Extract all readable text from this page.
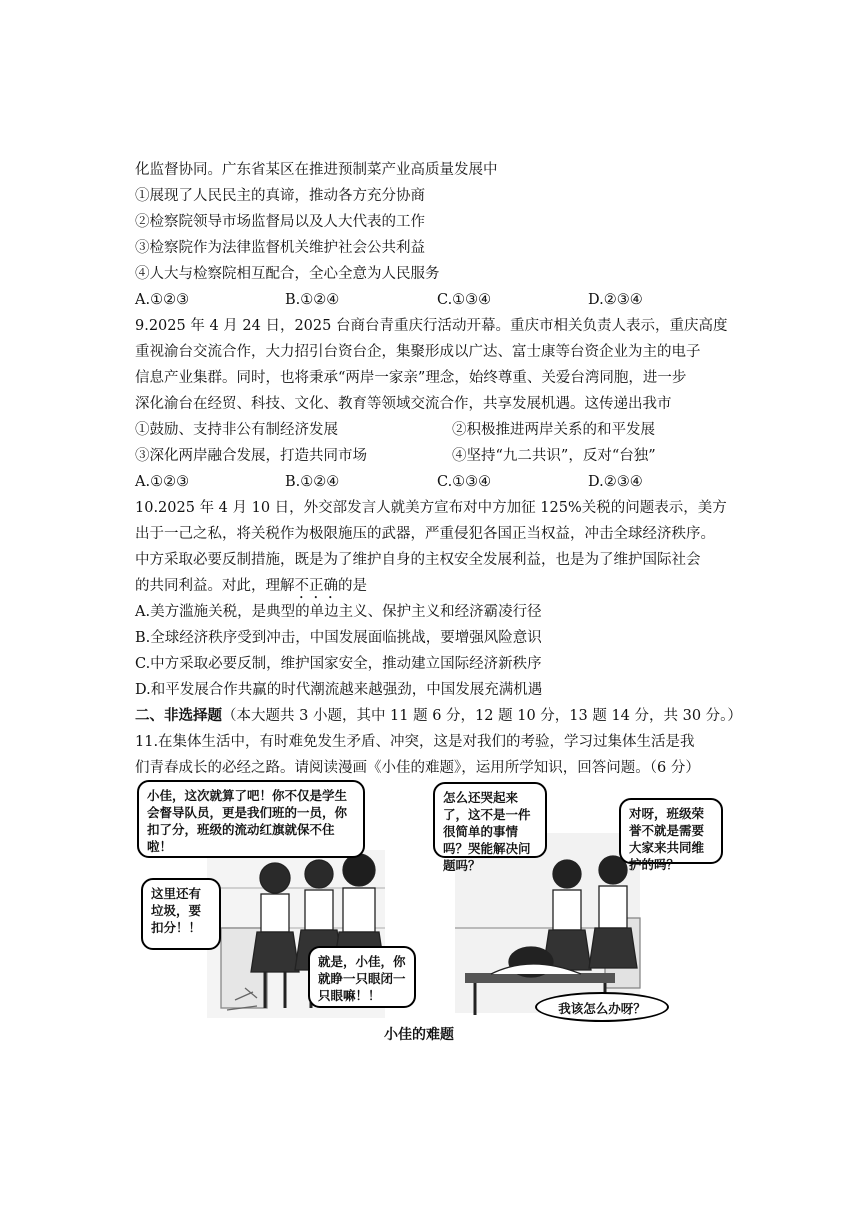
化监督协同。广东省某区在推进预制菜产业高质量发展中
①展现了人民民主的真谛，推动各方充分协商
②检察院领导市场监督局以及人大代表的工作
③检察院作为法律监督机关维护社会公共利益
④人大与检察院相互配合，全心全意为人民服务
A.①②③	B.①②④	C.①③④	D.②③④
9.2025 年 4 月 24 日，2025 台商台青重庆行活动开幕。重庆市相关负责人表示，重庆高度
重视渝台交流合作，大力招引台资台企，集聚形成以广达、富士康等台资企业为主的电子
信息产业集群。同时，也将秉承“两岸一家亲”理念，始终尊重、关爱台湾同胞，进一步
深化渝台在经贸、科技、文化、教育等领域交流合作，共享发展机遇。这传递出我市
①鼓励、支持非公有制经济发展	②积极推进两岸关系的和平发展
③深化两岸融合发展，打造共同市场	④坚持“九二共识”，反对“台独”
A.①②③	B.①②④	C.①③④	D.②③④
10.2025 年 4 月 10 日，外交部发言人就美方宣布对中方加征 125%关税的问题表示，美方
出于一己之私，将关税作为极限施压的武器，严重侵犯各国正当权益，冲击全球经济秩序。
中方采取必要反制措施，既是为了维护自身的主权安全发展利益，也是为了维护国际社会
的共同利益。对此，理解不正确的是
A.美方滥施关税，是典型的单边主义、保护主义和经济霸凌行径
B.全球经济秩序受到冲击，中国发展面临挑战，要增强风险意识
C.中方采取必要反制，维护国家安全，推动建立国际经济新秩序
D.和平发展合作共赢的时代潮流越来越强劲，中国发展充满机遇
二、非选择题（本大题共 3 小题，其中 11 题 6 分，12 题 10 分，13 题 14 分，共 30 分。）
11.在集体生活中，有时难免发生矛盾、冲突，这是对我们的考验，学习过集体生活是我
们青春成长的必经之路。请阅读漫画《小佳的难题》，运用所学知识，回答问题。（6 分）
小佳，这次就算了吧！你不仅是学生会督导队员，更是我们班的一员，你扣了分，班级的流动红旗就保不住啦！
这里还有垃圾，要扣分！！
就是，小佳，你就睁一只眼闭一只眼嘛！！
怎么还哭起来了，这不是一件很简单的事情吗？哭能解决问题吗？
对呀，班级荣誉不就是需要大家来共同维护的吗？
我该怎么办呀？
小佳的难题
